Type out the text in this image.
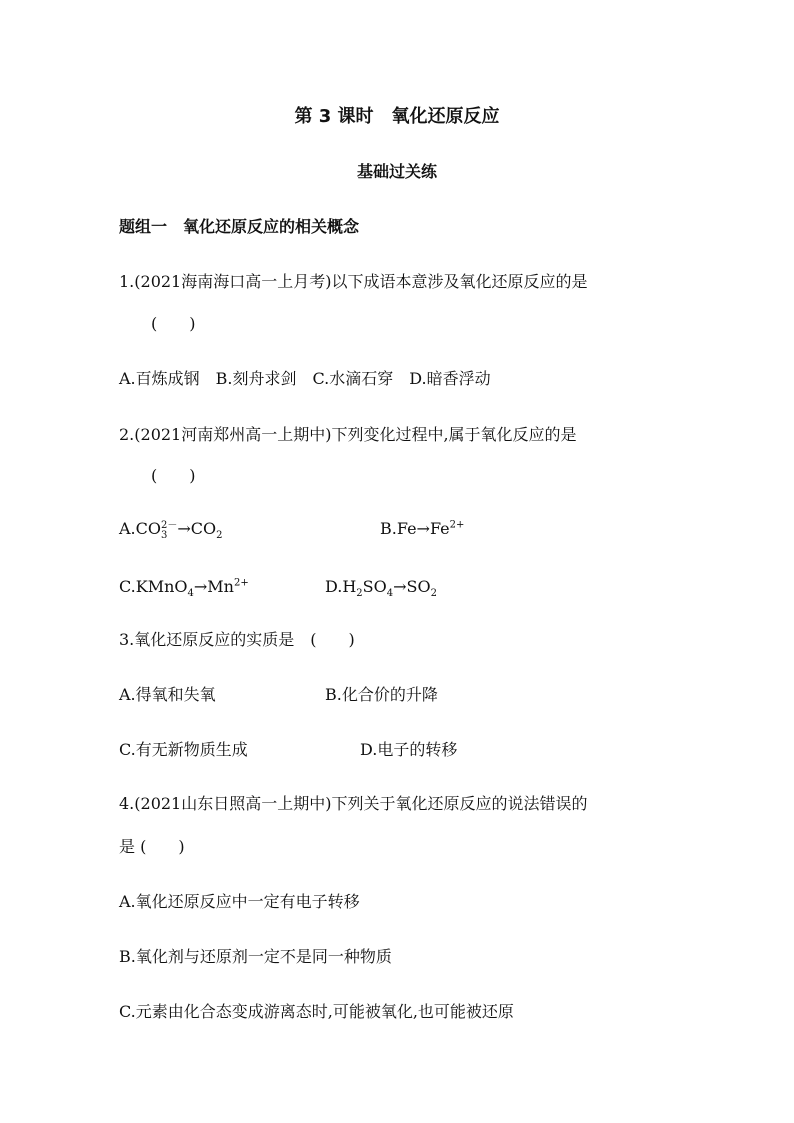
第 3 课时　氧化还原反应
基础过关练
题组一　氧化还原反应的相关概念
1.(2021海南海口高一上月考)以下成语本意涉及氧化还原反应的是
(　　)
A.百炼成钢　B.刻舟求剑　C.水滴石穿　D.暗香浮动
2.(2021河南郑州高一上期中)下列变化过程中,属于氧化反应的是
(　　)
A.CO 2－
$3 \to CO_2$	$B.Fe\to Fe^{2+}$
$C.KMnO_4\to Mn^{2+}$	$D.H_2SO_4\to SO_2$
3.氧化还原反应的实质是　(　　)
A.得氧和失氧	B.化合价的升降
C.有无新物质生成	D.电子的转移
4.(2021山东日照高一上期中)下列关于氧化还原反应的说法错误的
是 (　　)
A.氧化还原反应中一定有电子转移
B.氧化剂与还原剂一定不是同一种物质
C.元素由化合态变成游离态时,可能被氧化,也可能被还原
